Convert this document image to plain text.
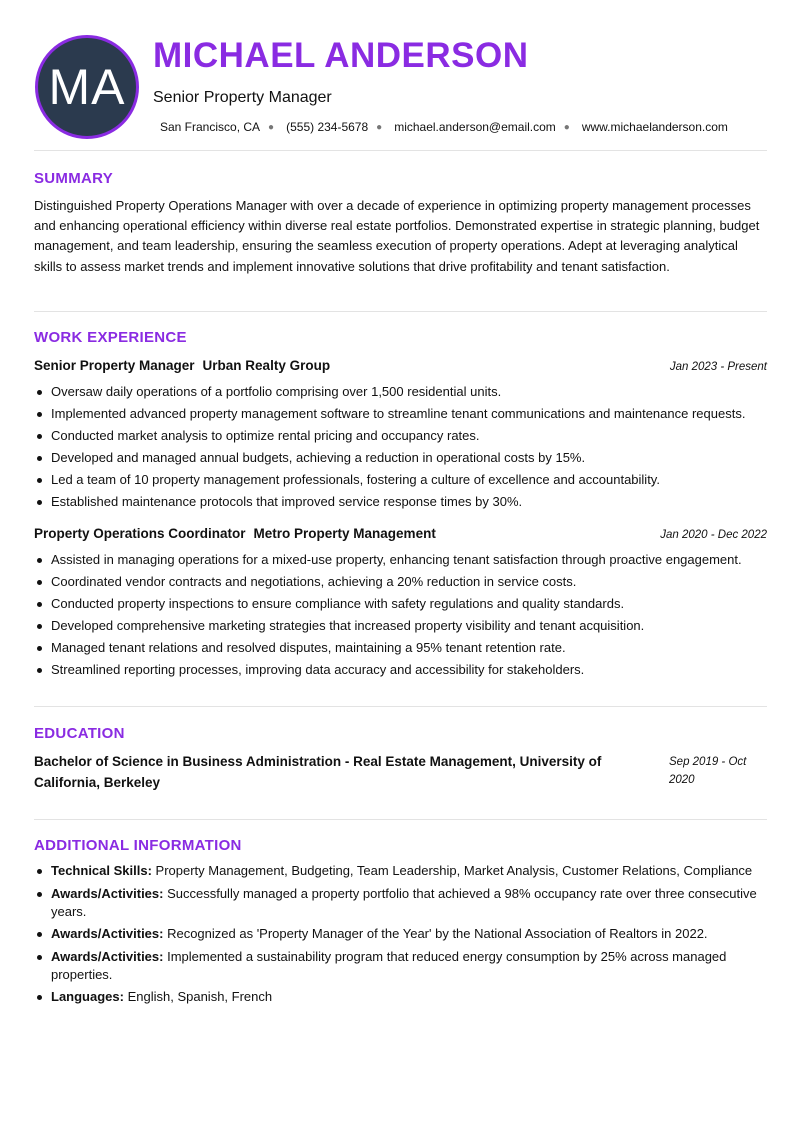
MA
MICHAEL ANDERSON
Senior Property Manager
San Francisco, CA ● (555) 234-5678 ● michael.anderson@email.com ● www.michaelanderson.com
SUMMARY
Distinguished Property Operations Manager with over a decade of experience in optimizing property management processes and enhancing operational efficiency within diverse real estate portfolios. Demonstrated expertise in strategic planning, budget management, and team leadership, ensuring the seamless execution of property operations. Adept at leveraging analytical skills to assess market trends and implement innovative solutions that drive profitability and tenant satisfaction.
WORK EXPERIENCE
Senior Property Manager Urban Realty Group	Jan 2023 - Present
Oversaw daily operations of a portfolio comprising over 1,500 residential units.
Implemented advanced property management software to streamline tenant communications and maintenance requests.
Conducted market analysis to optimize rental pricing and occupancy rates.
Developed and managed annual budgets, achieving a reduction in operational costs by 15%.
Led a team of 10 property management professionals, fostering a culture of excellence and accountability.
Established maintenance protocols that improved service response times by 30%.
Property Operations Coordinator Metro Property Management	Jan 2020 - Dec 2022
Assisted in managing operations for a mixed-use property, enhancing tenant satisfaction through proactive engagement.
Coordinated vendor contracts and negotiations, achieving a 20% reduction in service costs.
Conducted property inspections to ensure compliance with safety regulations and quality standards.
Developed comprehensive marketing strategies that increased property visibility and tenant acquisition.
Managed tenant relations and resolved disputes, maintaining a 95% tenant retention rate.
Streamlined reporting processes, improving data accuracy and accessibility for stakeholders.
EDUCATION
Bachelor of Science in Business Administration - Real Estate Management, University of California, Berkeley
Sep 2019 - Oct 2020
ADDITIONAL INFORMATION
Technical Skills: Property Management, Budgeting, Team Leadership, Market Analysis, Customer Relations, Compliance
Awards/Activities: Successfully managed a property portfolio that achieved a 98% occupancy rate over three consecutive years.
Awards/Activities: Recognized as 'Property Manager of the Year' by the National Association of Realtors in 2022.
Awards/Activities: Implemented a sustainability program that reduced energy consumption by 25% across managed properties.
Languages: English, Spanish, French
